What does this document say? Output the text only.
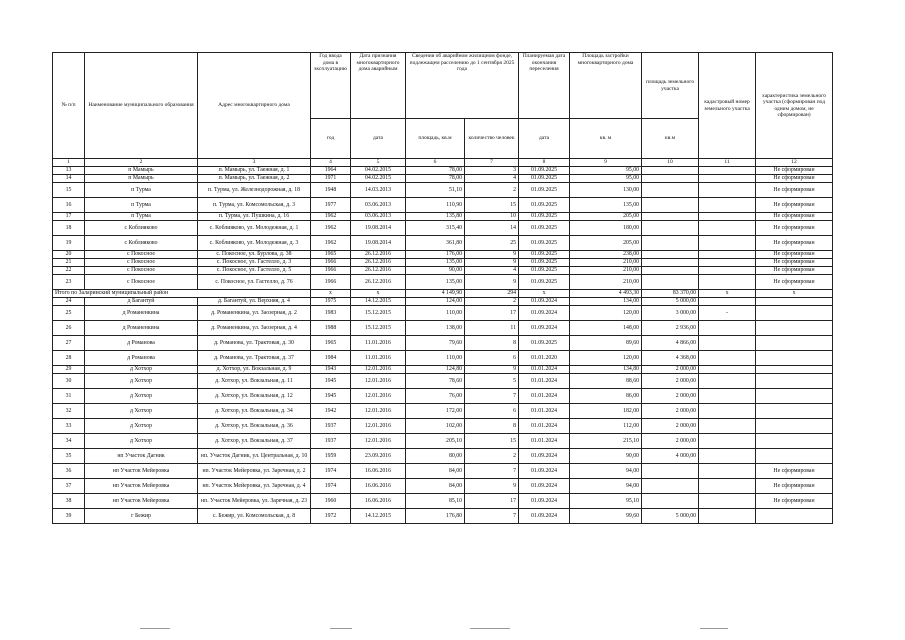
№ п/п	Наименование муниципального образования	Адрес многоквартирного дома	Год ввода дома в эксплуатацию	Дата признания многоквартирного дома аварийным	Сведения об аварийном жилищном фонде, подлежащем расселению до 1 сентября 2025 года		Планируемая дата окончания переселения	Площадь застройки многоквартирного дома	площадь земельного участка	кадастровый номер земельного участка	характеристика земельного участка (сформирован под одним домом, не сформирован)
			год	дата	площадь, кв.м	количество человек	дата	кв. м	кв.м		
1	2	3	4	5	6	7	8	9	10	11	12
13	п Мамырь	п. Мамырь, ул. Таежная, д. 1	1964	04.02.2015	78,00	3	01.09.2025	95,00			Не сформирован
14	п Мамырь	п. Мамырь, ул. Таежная, д. 2	1971	04.02.2015	78,00	4	01.09.2025	95,00			Не сформирован
15	п Турма	п. Турма, ул. Железнодорожная, д. 18	1948	14.03.2013	51,10	2	01.09.2025	130,00			Не сформирован
16	п Турма	п. Турма, ул. Комсомольская, д. 3	1977	03.06.2013	110,90	15	01.09.2025	135,00			Не сформирован
17	п Турма	п. Турма, ул. Пушкина, д. 16	1962	03.06.2013	135,80	10	01.09.2025	205,00			Не сформирован
18	с Коблияково	с. Коблияково, ул. Молодежная, д. 1	1962	19.08.2014	315,40	14	01.09.2025	180,00			Не сформирован
19	с Коблияково	с. Коблияково, ул. Молодежная, д. 3	1962	19.08.2014	361,80	25	01.09.2025	205,00			Не сформирован
20	с Покосное	с. Покосное, ул. Бурлова, д. 38	1965	26.12.2016	176,00	9	01.09.2025	238,00			Не сформирован
21	с Покосное	с. Покосное, ул. Гастелло, д. 3	1966	26.12.2016	135,00	9	01.09.2025	210,00			Не сформирован
22	с Покосное	с. Покосное, ул. Гастелло, д. 5	1966	26.12.2016	90,00	4	01.09.2025	210,00			Не сформирован
23	с Покосное	с. Покосное, ул. Гастелло, д. 76	1966	26.12.2016	135,00	9	01.09.2025	210,00			Не сформирован
Итого по Заларинский муниципальный район			x	x	4 149,90	294	x	4 493,30	83 370,00	x	x
24	д Багантуй	д. Багантуй, ул. Верхняя, д. 4	1975	14.12.2015	124,00	2	01.09.2024	134,00	5 000,00		
25	д Романенкина	д. Романенкина, ул. Заозерная, д. 2	1983	15.12.2015	110,00	17	01.09.2024	120,00	3 000,00	-	
26	д Романенкина	д. Романенкина, ул. Заозерная, д. 4	1988	15.12.2015	138,00	11	01.09.2024	148,00	2 936,00		
27	д Романова	д. Романова, ул. Трактовая, д. 30	1965	11.01.2016	79,60	8	01.09.2025	89,60	4 866,00		
28	д Романова	д. Романова, ул. Трактовая, д. 37	1984	11.01.2016	110,00	6	01.01.2020	120,00	4 368,00		
29	д Хотхор	д. Хотхор, ул. Вокзальная, д. 9	1943	12.01.2016	124,80	9	01.01.2024	134,80	2 000,00		
30	д Хотхор	д. Хотхор, ул. Вокзальная, д. 11	1945	12.01.2016	78,60	5	01.01.2024	88,60	2 000,00		
31	д Хотхор	д. Хотхор, ул. Вокзальная, д. 12	1945	12.01.2016	76,00	7	01.01.2024	86,00	2 000,00		
32	д Хотхор	д. Хотхор, ул. Вокзальная, д. 34	1942	12.01.2016	172,00	6	01.01.2024	182,00	2 000,00		
33	д Хотхор	д. Хотхор, ул. Вокзальная, д. 36	1937	12.01.2016	102,00	8	01.01.2024	112,00	2 000,00		
34	д Хотхор	д. Хотхор, ул. Вокзальная, д. 37	1937	12.01.2016	205,10	15	01.01.2024	215,10	2 000,00		
35	нп Участок Дагник	нп. Участок Дагник, ул. Центральная, д. 10	1959	23.09.2016	80,00	2	01.09.2024	90,00	4 000,00		
36	нп Участок Мейеровка	нп. Участок Мейеровка, ул. Заречная, д. 2	1974	16.06.2016	84,00	7	01.09.2024	94,00			Не сформирован
37	нп Участок Мейеровка	нп. Участок Мейеровка, ул. Заречная, д. 4	1974	16.06.2016	84,00	9	01.09.2024	94,00			Не сформирован
38	нп Участок Мейеровка	нп. Участок Мейеровка, ул. Заречная, д. 23	1960	16.06.2016	85,10	17	01.09.2024	95,10			Не сформирован
39	г Бежир	с. Бежир, ул. Комсомольская, д. 8	1972	14.12.2015	176,80	7	01.09.2024	99,60	5 000,00		
